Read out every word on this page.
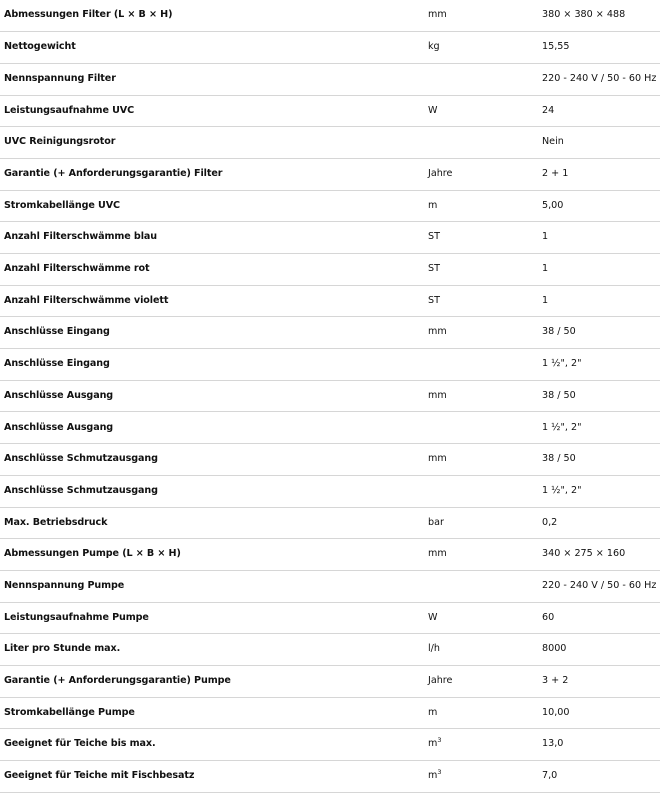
Abmessungen Filter (L × B × H)	mm	380 × 380 × 488
Nettogewicht	kg	15,55
Nennspannung Filter		220 - 240 V / 50 - 60 Hz
Leistungsaufnahme UVC	W	24
UVC Reinigungsrotor		Nein
Garantie (+ Anforderungsgarantie) Filter	Jahre	2 + 1
Stromkabellänge UVC	m	5,00
Anzahl Filterschwämme blau	ST	1
Anzahl Filterschwämme rot	ST	1
Anzahl Filterschwämme violett	ST	1
Anschlüsse Eingang	mm	38 / 50
Anschlüsse Eingang		1 ½", 2"
Anschlüsse Ausgang	mm	38 / 50
Anschlüsse Ausgang		1 ½", 2"
Anschlüsse Schmutzausgang	mm	38 / 50
Anschlüsse Schmutzausgang		1 ½", 2"
Max. Betriebsdruck	bar	0,2
Abmessungen Pumpe (L × B × H)	mm	340 × 275 × 160
Nennspannung Pumpe		220 - 240 V / 50 - 60 Hz
Leistungsaufnahme Pumpe	W	60
Liter pro Stunde max.	l/h	8000
Garantie (+ Anforderungsgarantie) Pumpe	Jahre	3 + 2
Stromkabellänge Pumpe	m	10,00
Geeignet für Teiche bis max.	$m^3$	13,0
Geeignet für Teiche mit Fischbesatz	$m^3$	7,0
